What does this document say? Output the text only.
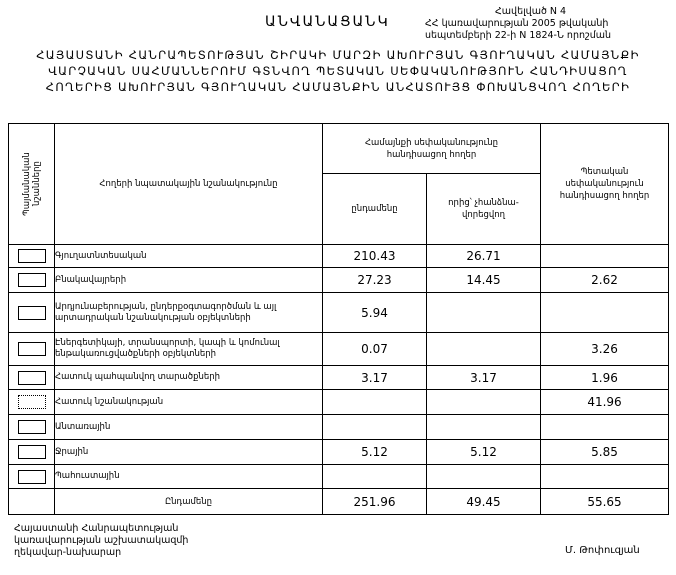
ԱՆՎԱՆԱՑԱՆԿ
Հավելված N 4
ՀՀ կառավարության 2005 թվականի
սեպտեմբերի 22-ի N 1824-Ն որոշման
ՀԱՅԱՍՏԱՆԻ ՀԱՆՐԱՊԵՏՈՒԹՅԱՆ ՇԻՐԱԿԻ ՄԱՐԶԻ ԱԽՈՒՐՅԱՆ ԳՅՈՒՂԱԿԱՆ ՀԱՄԱՅՆՔԻ
ՎԱՐՉԱԿԱՆ ՍԱՀՄԱՆՆԵՐՈՒՄ ԳՏՆՎՈՂ ՊԵՏԱԿԱՆ ՍԵՓԱԿԱՆՈՒԹՅՈՒՆ ՀԱՆԴԻՍԱՑՈՂ
ՀՈՂԵՐԻՑ ԱԽՈՒՐՅԱՆ ԳՅՈՒՂԱԿԱՆ ՀԱՄԱՅՆՔԻՆ ԱՆՀԱՏՈՒՅՑ ՓՈԽԱՆՑՎՈՂ ՀՈՂԵՐԻ
Պայմանական նշանները	Հողերի նպատակային նշանակությունը	Համայնքի սեփականությունը հանդիսացող հողեր		Պետական սեփականություն հանդիսացող հողեր
		ընդամենը	որից՝ չհանձնա-վորեցվող	
	Գյուղատնտեսական	210.43	26.71	
	Բնակավայրերի	27.23	14.45	2.62
	Արդյունաբերության, ընդերքօգտագործման և այլ արտադրական նշանակության օբյեկտների	5.94		
	Էներգետիկայի, տրանսպորտի, կապի և կոմունալ ենթակառուցվածքների օբյեկտների	0.07		3.26
	Հատուկ պահպանվող տարածքների	3.17	3.17	1.96
	Հատուկ նշանակության			41.96
	Անտառային			
	Ջրային	5.12	5.12	5.85
	Պահուստային			
	Ընդամենը	251.96	49.45	55.65
Հայաստանի Հանրապետության
կառավարության աշխատակազմի
ղեկավար-նախարար	Մ. Թոփուզյան
